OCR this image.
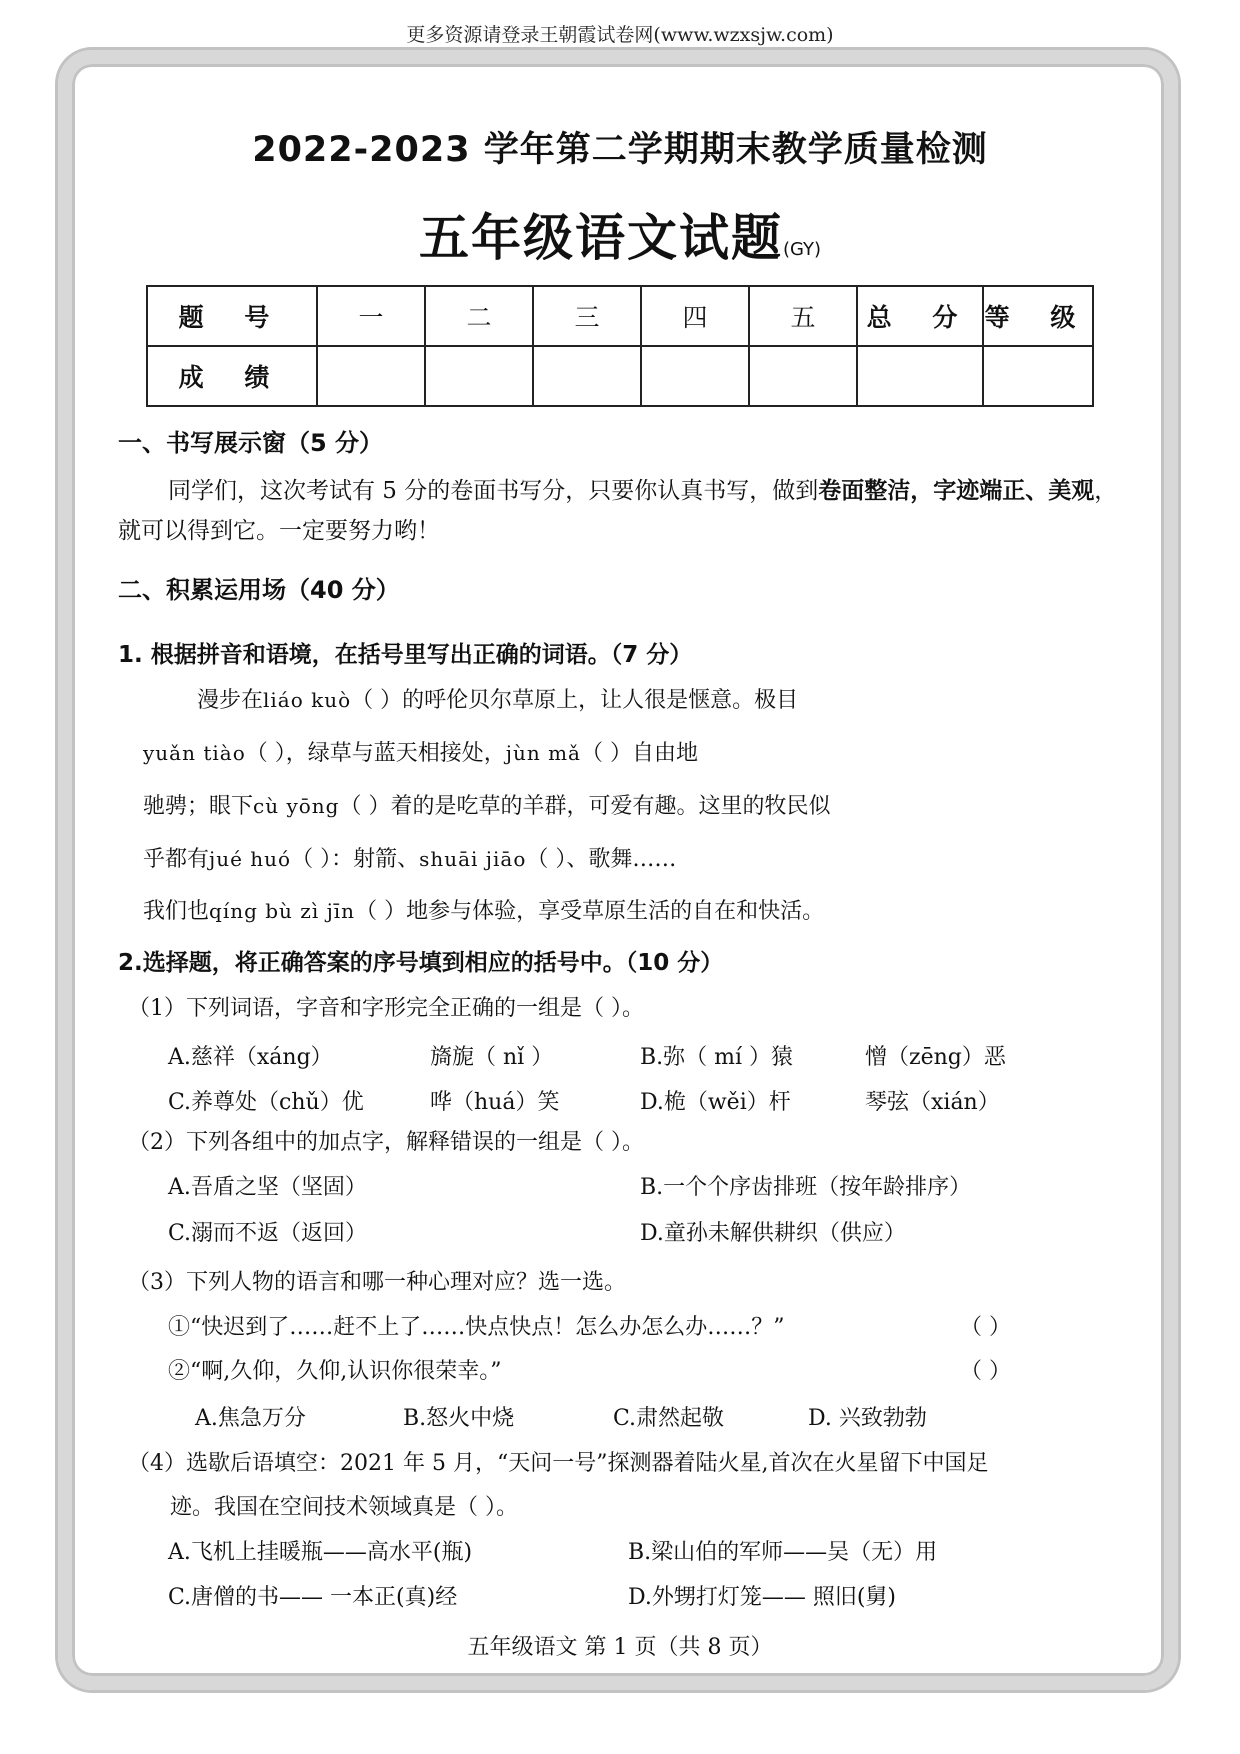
更多资源请登录王朝霞试卷网(www.wzxsjw.com)
2022-2023 学年第二学期期末教学质量检测
五年级语文试题(GY)
题 号	一	二	三	四	五	总 分	等 级
成 绩							
一、书写展示窗（5 分）
同学们，这次考试有 5 分的卷面书写分，只要你认真书写，做到卷面整洁，字迹端正、美观，就可以得到它。一定要努力哟！
二、积累运用场（40 分）
1. 根据拼音和语境，在括号里写出正确的词语。（7 分）
漫步在liáo kuò（ ）的呼伦贝尔草原上，让人很是惬意。极目
yuǎn tiào（ ），绿草与蓝天相接处，jùn mǎ（ ）自由地
驰骋；眼下cù yōng（ ）着的是吃草的羊群，可爱有趣。这里的牧民似
乎都有jué huó（ ）：射箭、shuāi jiāo（ ）、歌舞……
我们也qíng bù zì jīn（ ）地参与体验，享受草原生活的自在和快活。
2.选择题，将正确答案的序号填到相应的括号中。（10 分）
（1）下列词语，字音和字形完全正确的一组是（ ）。
A.慈祥（xáng）	旖旎（ nǐ ）	B.弥（ mí ）猿	憎（zēng）恶
C.养尊处（chǔ）优	哗（huá）笑	D.桅（wěi）杆	琴弦（xián）
（2）下列各组中的加点字，解释错误的一组是（ ）。
A.吾盾之坚（坚固）	B.一个个序齿排班（按年龄排序）
C.溺而不返（返回）	D.童孙未解供耕织（供应）
（3）下列人物的语言和哪一种心理对应？选一选。
①“快迟到了……赶不上了……快点快点！怎么办怎么办……？”	（ ）
②“啊,久仰，久仰,认识你很荣幸。”	（ ）
A.焦急万分	B.怒火中烧	C.肃然起敬	D. 兴致勃勃
（4）选歇后语填空：2021 年 5 月，“天问一号”探测器着陆火星,首次在火星留下中国足
迹。我国在空间技术领域真是（ ）。
A.飞机上挂暖瓶——高水平(瓶)	B.梁山伯的军师——吴（无）用
C.唐僧的书—— 一本正(真)经	D.外甥打灯笼—— 照旧(舅)
五年级语文 第 1 页（共 8 页）
